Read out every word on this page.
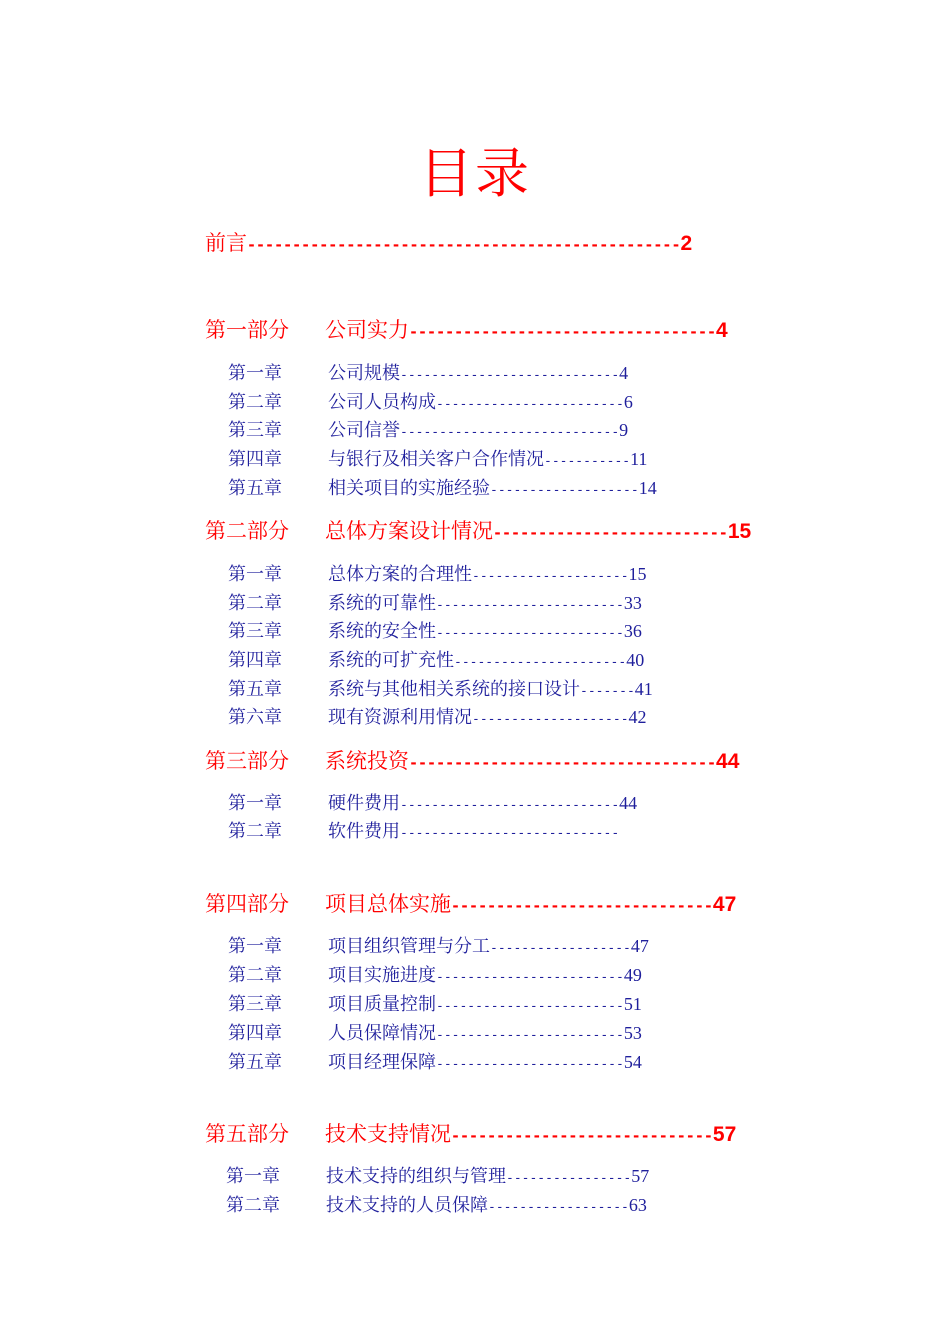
目录
前言------------------------------------------------2
第一部分 公司实力----------------------------------4
第一章	公司规模----------------------------4
第二章	公司人员构成------------------------6
第三章	公司信誉----------------------------9
第四章	与银行及相关客户合作情况-----------11
第五章	相关项目的实施经验-------------------14
第二部分 总体方案设计情况--------------------------15
第一章	总体方案的合理性--------------------15
第二章	系统的可靠性------------------------33
第三章	系统的安全性------------------------36
第四章	系统的可扩充性----------------------40
第五章	系统与其他相关系统的接口设计-------41
第六章	现有资源利用情况--------------------42
第三部分 系统投资----------------------------------44
第一章	硬件费用----------------------------44
第二章	软件费用----------------------------
第四部分 项目总体实施-----------------------------47
第一章	项目组织管理与分工------------------47
第二章	项目实施进度------------------------49
第三章	项目质量控制------------------------51
第四章	人员保障情况------------------------53
第五章	项目经理保障------------------------54
第五部分 技术支持情况-----------------------------57
第一章	技术支持的组织与管理----------------57
第二章	技术支持的人员保障------------------63
